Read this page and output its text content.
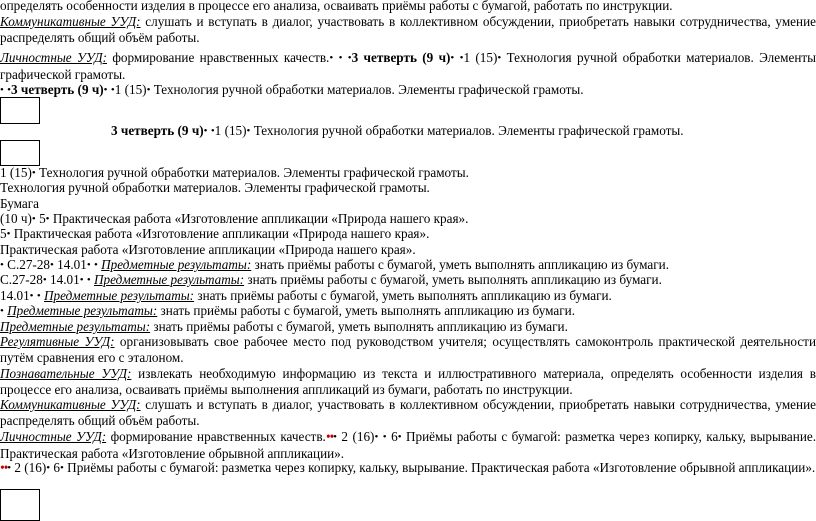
определять особенности изделия в процессе его анализа, осваивать приёмы работы с бумагой, работать по инструкции.
Коммуникативные УУД: слушать и вступать в диалог, участвовать в коллективном обсуждении, приобретать навыки сотрудничества, умение распределять общий объём работы.
Личностные УУД: формирование нравственных качеств.• • •3 четверть (9 ч)• •1 (15)• Технология ручной обработки материалов. Элементы графической грамоты.
• •3 четверть (9 ч)• •1 (15)• Технология ручной обработки материалов. Элементы графической грамоты.
3 четверть (9 ч)• •1 (15)• Технология ручной обработки материалов. Элементы графической грамоты.
1 (15)• Технология ручной обработки материалов. Элементы графической грамоты.
Технология ручной обработки материалов. Элементы графической грамоты.
Бумага
(10 ч)• 5• Практическая работа «Изготовление аппликации «Природа нашего края».
5• Практическая работа «Изготовление аппликации «Природа нашего края».
Практическая работа «Изготовление аппликации «Природа нашего края».
• С.27-28• 14.01• • Предметные результаты: знать приёмы работы с бумагой, уметь выполнять аппликацию из бумаги.
С.27-28• 14.01• • Предметные результаты: знать приёмы работы с бумагой, уметь выполнять аппликацию из бумаги.
14.01• • Предметные результаты: знать приёмы работы с бумагой, уметь выполнять аппликацию из бумаги.
• Предметные результаты: знать приёмы работы с бумагой, уметь выполнять аппликацию из бумаги.
Предметные результаты: знать приёмы работы с бумагой, уметь выполнять аппликацию из бумаги.
Регулятивные УУД: организовывать свое рабочее место под руководством учителя; осуществлять самоконтроль практической деятельности путём сравнения его с эталоном.
Познавательные УУД: извлекать необходимую информацию из текста и иллюстративного материала, определять особенности изделия в процессе его анализа, осваивать приёмы выполнения аппликаций из бумаги, работать по инструкции.
Коммуникативные УУД: слушать и вступать в диалог, участвовать в коллективном обсуждении, приобретать навыки сотрудничества, умение распределять общий объём работы.
Личностные УУД: формирование нравственных качеств.••• 2 (16)• • 6• Приёмы работы с бумагой: разметка через копирку, кальку, вырывание. Практическая работа «Изготовление обрывной аппликации».
••• 2 (16)• 6• Приёмы работы с бумагой: разметка через копирку, кальку, вырывание. Практическая работа «Изготовление обрывной аппликации».
